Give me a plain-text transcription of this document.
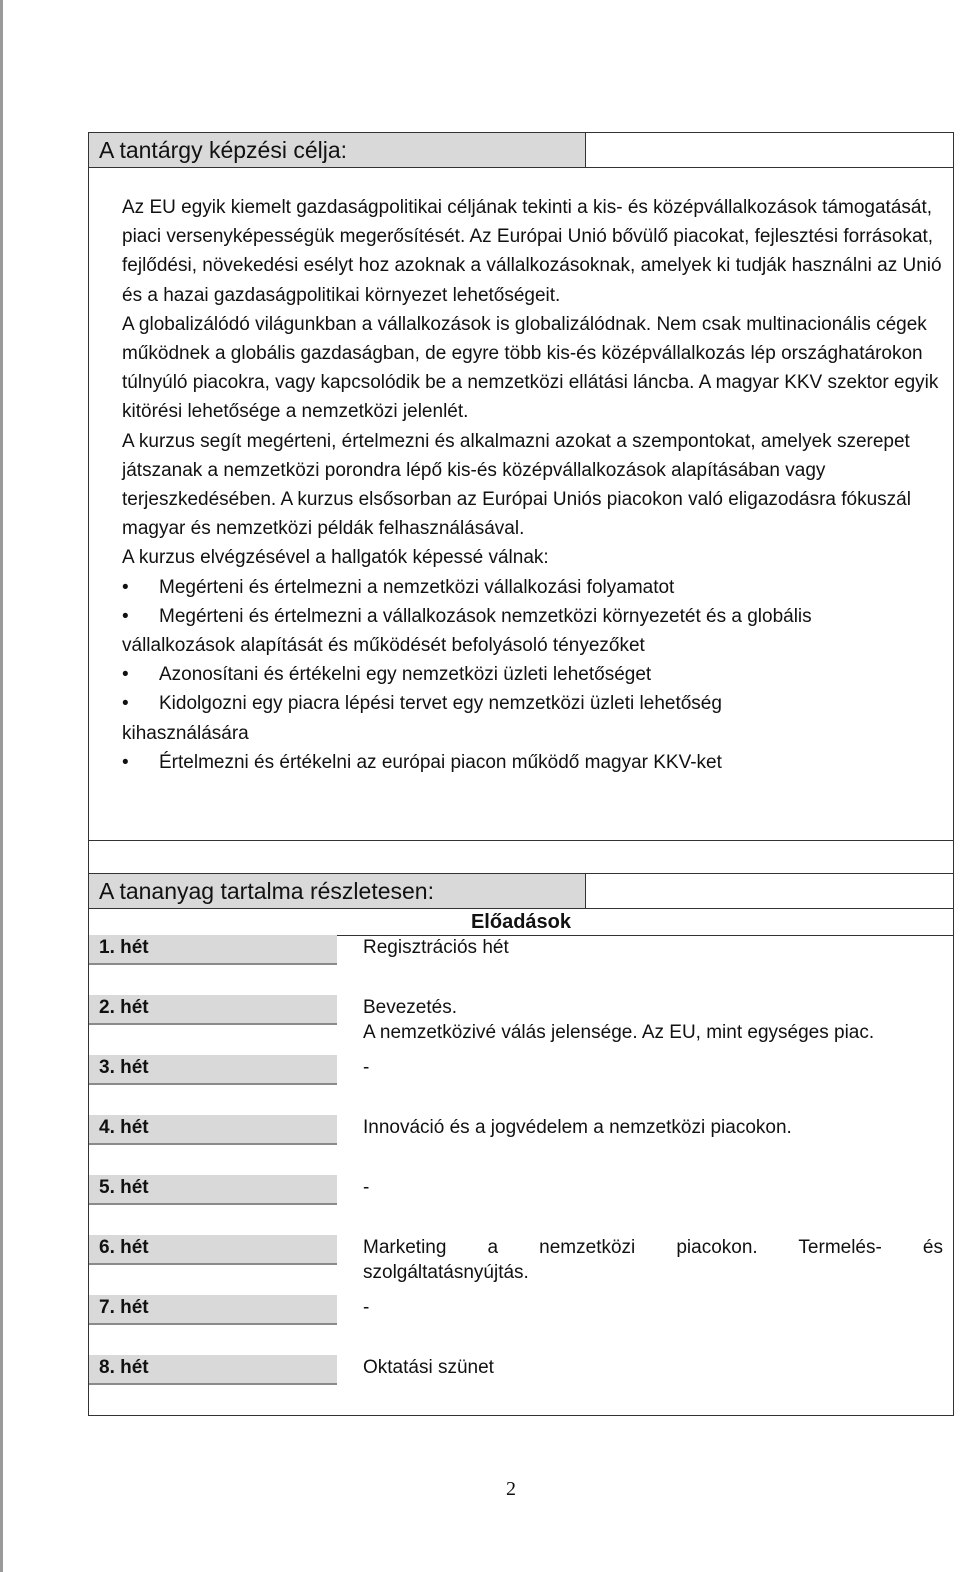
A tantárgy képzési célja:

Az EU egyik kiemelt gazdaságpolitikai céljának tekinti a kis- és középvállalkozások támogatását, piaci versenyképességük megerősítését. Az Európai Unió bővülő piacokat, fejlesztési forrásokat, fejlődési, növekedési esélyt hoz azoknak a vállalkozásoknak, amelyek ki tudják használni az Unió és a hazai gazdaságpolitikai környezet lehetőségeit.

A globalizálódó világunkban a vállalkozások is globalizálódnak. Nem csak multinacionális cégek működnek a globális gazdaságban, de egyre több kis-és középvállalkozás lép országhatárokon túlnyúló piacokra, vagy kapcsolódik be a nemzetközi ellátási láncba. A magyar KKV szektor egyik kitörési lehetősége a nemzetközi jelenlét.

A kurzus segít megérteni, értelmezni és alkalmazni azokat a szempontokat, amelyek szerepet játszanak a nemzetközi porondra lépő kis-és középvállalkozások alapításában vagy terjeszkedésében. A kurzus elsősorban az Európai Uniós piacokon való eligazodásra fókuszál magyar és nemzetközi példák felhasználásával.

A kurzus elvégzésével a hallgatók képessé válnak:

• Megérteni és értelmezni a nemzetközi vállalkozási folyamatot
• Megérteni és értelmezni a vállalkozások nemzetközi környezetét és a globális

vállalkozások alapítását és működését befolyásoló tényezőket

• Azonosítani és értékelni egy nemzetközi üzleti lehetőséget
• Kidolgozni egy piacra lépési tervet egy nemzetközi üzleti lehetőség

kihasználására

• Értelmezni és értékelni az európai piacon működő magyar KKV-ket
A tananyag tartalma részletesen:
Előadások
1. hét	Regisztrációs hét

2. hét	Bevezetés.

A nemzetközivé válás jelensége. Az EU, mint egységes piac.

3. hét	-

4. hét	Innováció és a jogvédelem a nemzetközi piacokon.

5. hét	-

6. hét	Marketing a nemzetközi piacokon. Termelés- és

szolgáltatásnyújtás.

7. hét	-

8. hét	Oktatási szünet

2
